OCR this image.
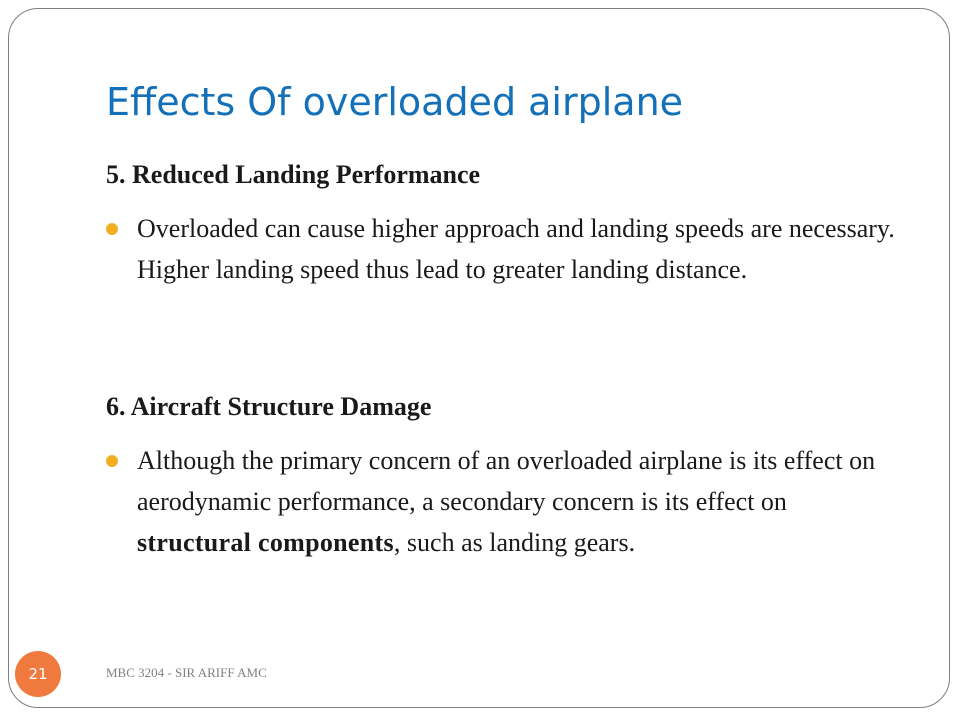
Effects Of overloaded airplane
5. Reduced Landing Performance
Overloaded can cause higher approach and landing speeds are necessary. Higher landing speed thus lead to greater landing distance.
6. Aircraft Structure Damage
Although the primary concern of an overloaded airplane is its effect on aerodynamic performance, a secondary concern is its effect on structural components, such as landing gears.
21	MBC 3204 - SIR ARIFF AMC
